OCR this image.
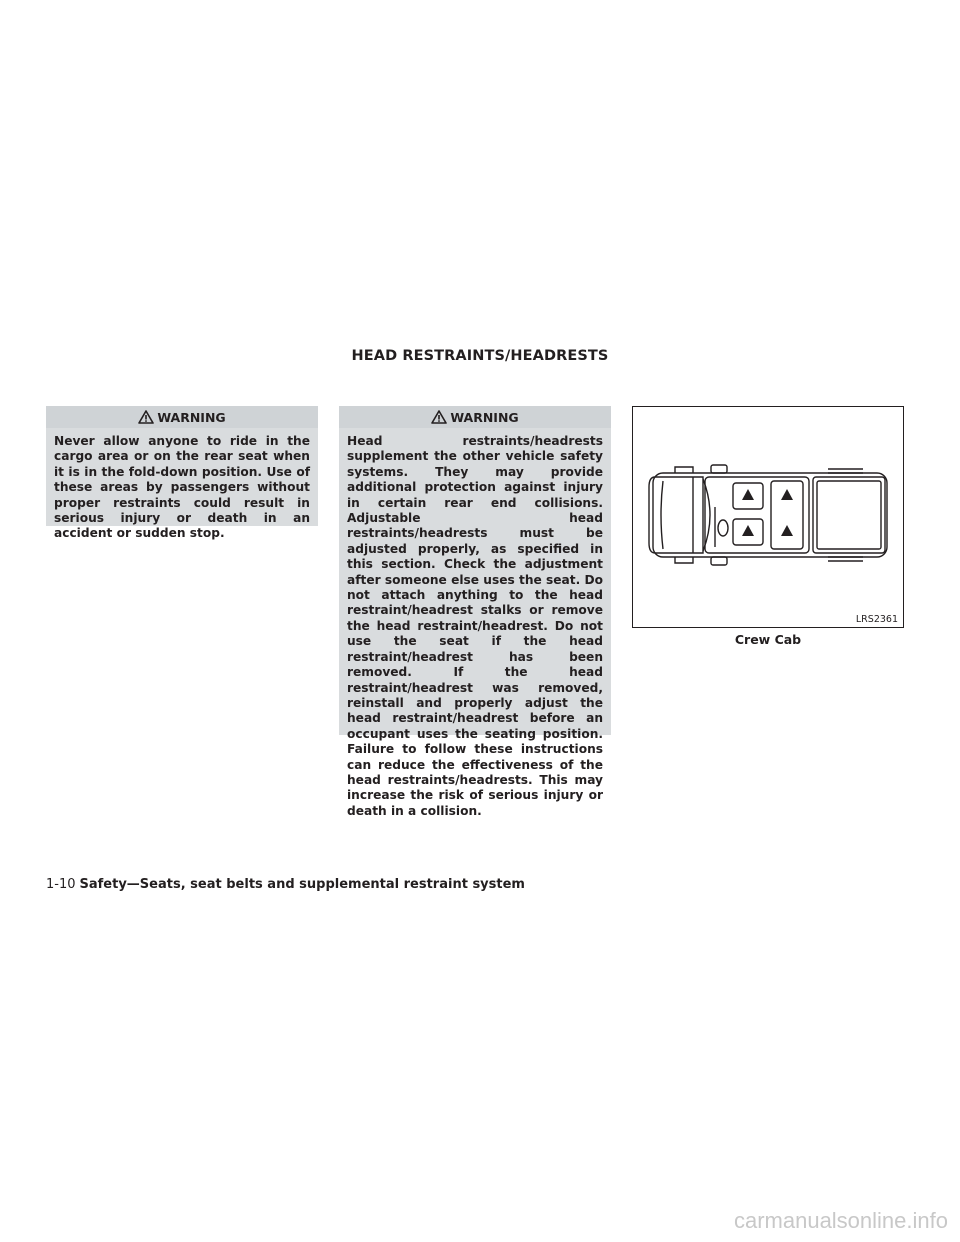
HEAD RESTRAINTS/HEADRESTS
WARNING
Never allow anyone to ride in the cargo area or on the rear seat when it is in the fold-down position. Use of these areas by passengers without proper restraints could result in serious injury or death in an accident or sudden stop.
WARNING
Head restraints/headrests supplement the other vehicle safety systems. They may provide additional protection against injury in certain rear end collisions. Adjustable head restraints/headrests must be adjusted properly, as specified in this section. Check the adjustment after someone else uses the seat. Do not attach anything to the head restraint/headrest stalks or remove the head restraint/headrest. Do not use the seat if the head restraint/headrest has been removed. If the head restraint/headrest was removed, reinstall and properly adjust the head restraint/headrest before an occupant uses the seating position. Failure to follow these instructions can reduce the effectiveness of the head restraints/headrests. This may increase the risk of serious injury or death in a collision.
LRS2361
Crew Cab
1-10 Safety—Seats, seat belts and supplemental restraint system
carmanualsonline.info
